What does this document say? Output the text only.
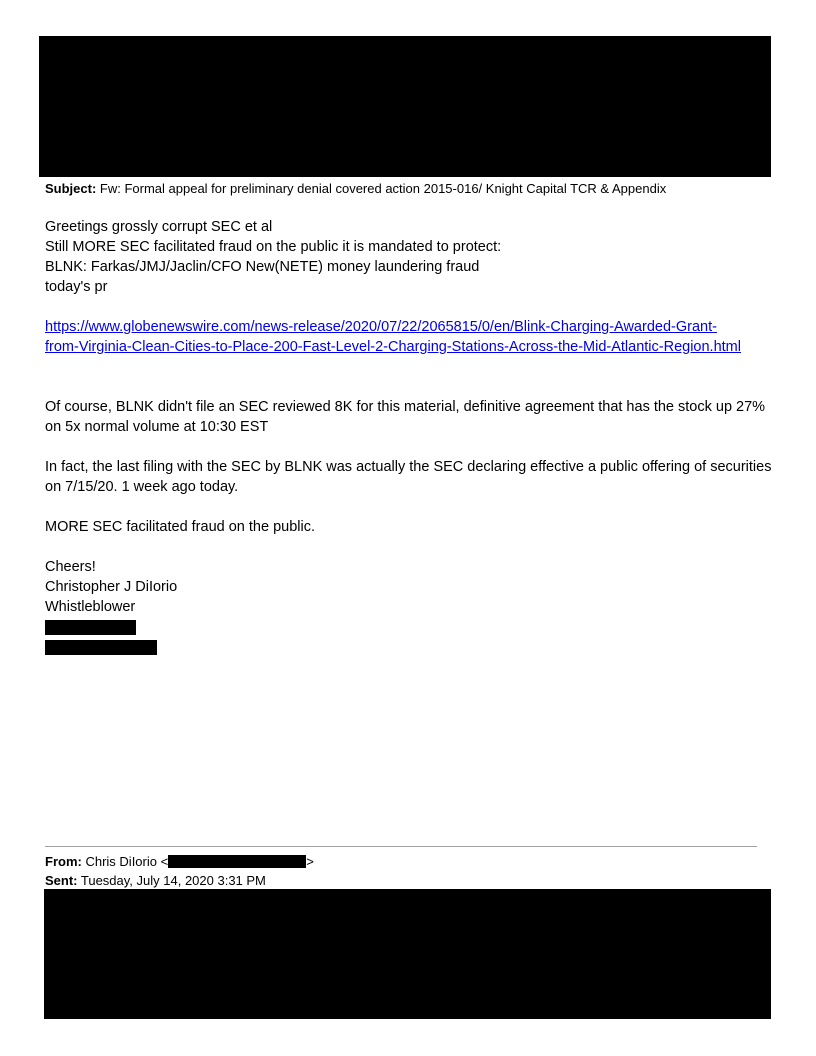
Subject: Fw: Formal appeal for preliminary denial covered action 2015-016/ Knight Capital TCR & Appendix
Greetings grossly corrupt SEC et al
Still MORE SEC facilitated fraud on the public it is mandated to protect:
BLNK: Farkas/JMJ/Jaclin/CFO New(NETE) money laundering fraud
today's pr
https://www.globenewswire.com/news-release/2020/07/22/2065815/0/en/Blink-Charging-Awarded-Grant-
from-Virginia-Clean-Cities-to-Place-200-Fast-Level-2-Charging-Stations-Across-the-Mid-Atlantic-Region.html
Of course, BLNK didn't file an SEC reviewed 8K for this material, definitive agreement that has the stock up 27%
on 5x normal volume at 10:30 EST
In fact, the last filing with the SEC by BLNK was actually the SEC declaring effective a public offering of securities
on 7/15/20. 1 week ago today.
MORE SEC facilitated fraud on the public.
Cheers!
Christopher J DiIorio
Whistleblower
From: Chris DiIorio <	>
Sent: Tuesday, July 14, 2020 3:31 PM
